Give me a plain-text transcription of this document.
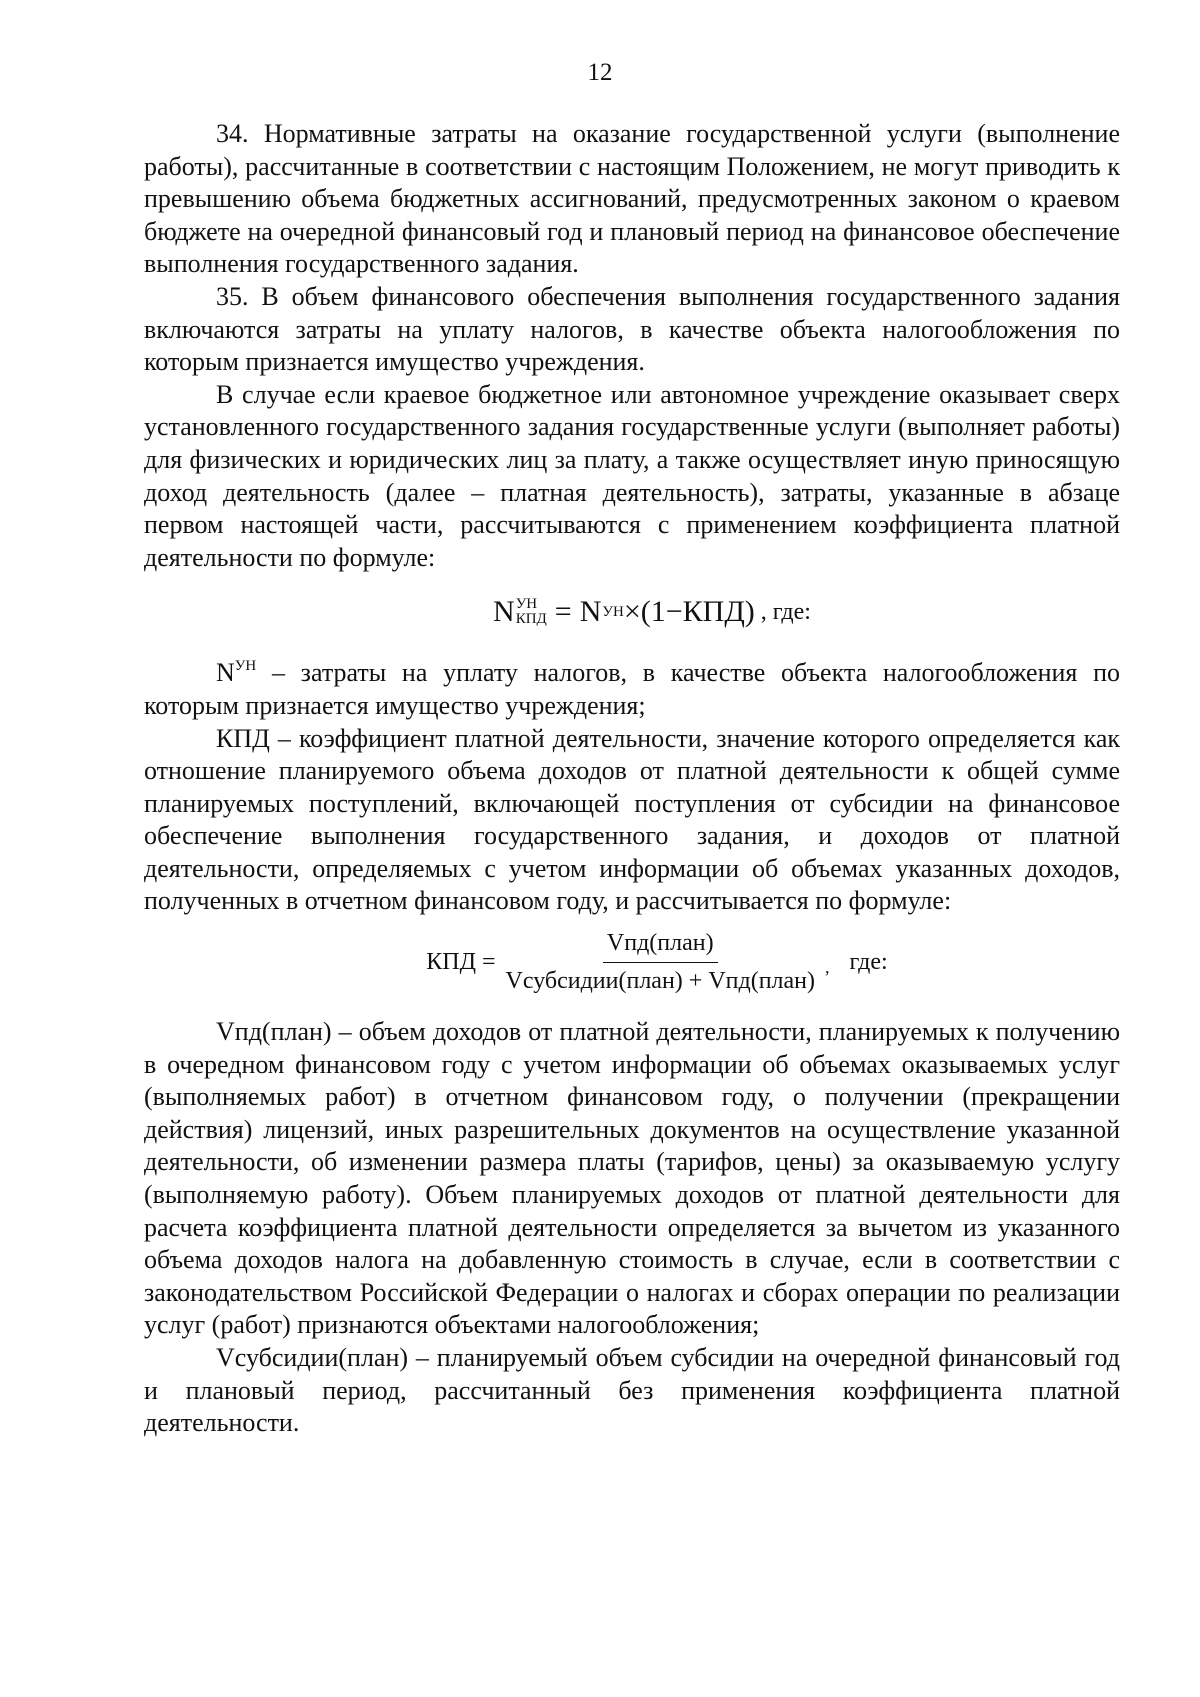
12

34. Нормативные затраты на оказание государственной услуги (выполнение работы), рассчитанные в соответствии с настоящим Положением, не могут приводить к превышению объема бюджетных ассигнований, предусмотренных законом о краевом бюджете на очередной финансовый год и плановый период на финансовое обеспечение выполнения государственного задания.

35. В объем финансового обеспечения выполнения государственного задания включаются затраты на уплату налогов, в качестве объекта налогообложения по которым признается имущество учреждения.

В случае если краевое бюджетное или автономное учреждение оказывает сверх установленного государственного задания государственные услуги (выполняет работы) для физических и юридических лиц за плату, а также осуществляет иную приносящую доход деятельность (далее – платная деятельность), затраты, указанные в абзаце первом настоящей части, рассчитываются с применением коэффициента платной деятельности по формуле:

N УН
КПД = N УН ×(1−КПД) , где:

$N^{УН}$ – затраты на уплату налогов, в качестве объекта налогообложения по которым признается имущество учреждения;

КПД – коэффициент платной деятельности, значение которого определяется как отношение планируемого объема доходов от платной деятельности к общей сумме планируемых поступлений, включающей поступления от субсидии на финансовое обеспечение выполнения государственного задания, и доходов от платной деятельности, определяемых с учетом информации об объемах указанных доходов, полученных в отчетном финансовом году, и рассчитывается по формуле:

КПД = $\frac{\text{Vпд(план)}}{\text{Vсубсидии(план) + Vпд(план)}}$ , где:

Vпд(план) – объем доходов от платной деятельности, планируемых к получению в очередном финансовом году с учетом информации об объемах оказываемых услуг (выполняемых работ) в отчетном финансовом году, о получении (прекращении действия) лицензий, иных разрешительных документов на осуществление указанной деятельности, об изменении размера платы (тарифов, цены) за оказываемую услугу (выполняемую работу). Объем планируемых доходов от платной деятельности для расчета коэффициента платной деятельности определяется за вычетом из указанного объема доходов налога на добавленную стоимость в случае, если в соответствии с законодательством Российской Федерации о налогах и сборах операции по реализации услуг (работ) признаются объектами налогообложения;

Vсубсидии(план) – планируемый объем субсидии на очередной финансовый год и плановый период, рассчитанный без применения коэффициента платной деятельности.
